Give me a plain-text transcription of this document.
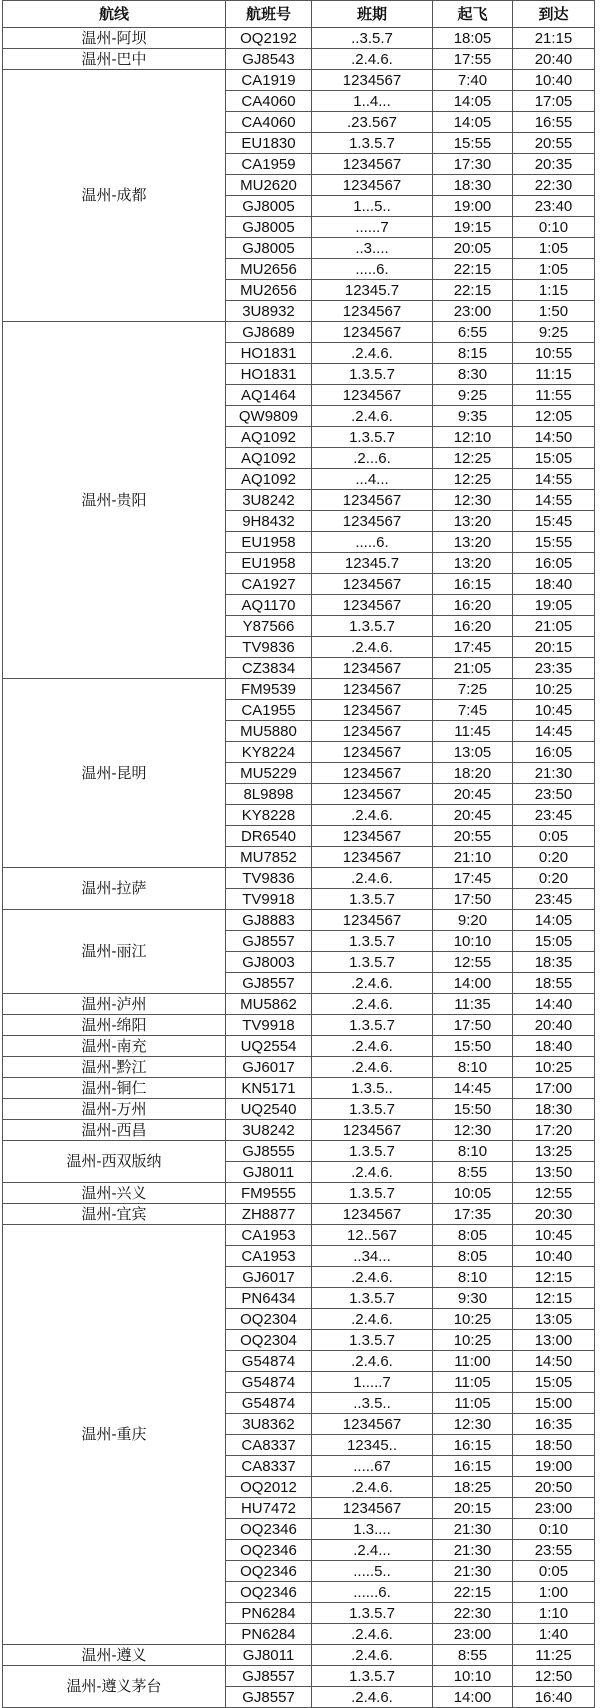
航线	航班号	班期	起飞	到达
温州-阿坝	OQ2192	..3.5.7	18:05	21:15
温州-巴中	GJ8543	.2.4.6.	17:55	20:40
温州-成都	CA1919	1234567	7:40	10:40
	CA4060	1..4...	14:05	17:05
	CA4060	.23.567	14:05	16:55
	EU1830	1.3.5.7	15:55	20:55
	CA1959	1234567	17:30	20:35
	MU2620	1234567	18:30	22:30
	GJ8005	1...5..	19:00	23:40
	GJ8005	......7	19:15	0:10
	GJ8005	..3....	20:05	1:05
	MU2656	.....6.	22:15	1:05
	MU2656	12345.7	22:15	1:15
	3U8932	1234567	23:00	1:50
温州-贵阳	GJ8689	1234567	6:55	9:25
	HO1831	.2.4.6.	8:15	10:55
	HO1831	1.3.5.7	8:30	11:15
	AQ1464	1234567	9:25	11:55
	QW9809	.2.4.6.	9:35	12:05
	AQ1092	1.3.5.7	12:10	14:50
	AQ1092	.2...6.	12:25	15:05
	AQ1092	...4...	12:25	14:55
	3U8242	1234567	12:30	14:55
	9H8432	1234567	13:20	15:45
	EU1958	.....6.	13:20	15:55
	EU1958	12345.7	13:20	16:05
	CA1927	1234567	16:15	18:40
	AQ1170	1234567	16:20	19:05
	Y87566	1.3.5.7	16:20	21:05
	TV9836	.2.4.6.	17:45	20:15
	CZ3834	1234567	21:05	23:35
温州-昆明	FM9539	1234567	7:25	10:25
	CA1955	1234567	7:45	10:45
	MU5880	1234567	11:45	14:45
	KY8224	1234567	13:05	16:05
	MU5229	1234567	18:20	21:30
	8L9898	1234567	20:45	23:50
	KY8228	.2.4.6.	20:45	23:45
	DR6540	1234567	20:55	0:05
	MU7852	1234567	21:10	0:20
温州-拉萨	TV9836	.2.4.6.	17:45	0:20
	TV9918	1.3.5.7	17:50	23:45
温州-丽江	GJ8883	1234567	9:20	14:05
	GJ8557	1.3.5.7	10:10	15:05
	GJ8003	1.3.5.7	12:55	18:35
	GJ8557	.2.4.6.	14:00	18:55
温州-泸州	MU5862	.2.4.6.	11:35	14:40
温州-绵阳	TV9918	1.3.5.7	17:50	20:40
温州-南充	UQ2554	.2.4.6.	15:50	18:40
温州-黔江	GJ6017	.2.4.6.	8:10	10:25
温州-铜仁	KN5171	1.3.5..	14:45	17:00
温州-万州	UQ2540	1.3.5.7	15:50	18:30
温州-西昌	3U8242	1234567	12:30	17:20
温州-西双版纳	GJ8555	1.3.5.7	8:10	13:25
	GJ8011	.2.4.6.	8:55	13:50
温州-兴义	FM9555	1.3.5.7	10:05	12:55
温州-宜宾	ZH8877	1234567	17:35	20:30
温州-重庆	CA1953	12..567	8:05	10:45
	CA1953	..34...	8:05	10:40
	GJ6017	.2.4.6.	8:10	12:15
	PN6434	1.3.5.7	9:30	12:15
	OQ2304	.2.4.6.	10:25	13:05
	OQ2304	1.3.5.7	10:25	13:00
	G54874	.2.4.6.	11:00	14:50
	G54874	1.....7	11:05	15:05
	G54874	..3.5..	11:05	15:00
	3U8362	1234567	12:30	16:35
	CA8337	12345..	16:15	18:50
	CA8337	.....67	16:15	19:00
	OQ2012	.2.4.6.	18:25	20:50
	HU7472	1234567	20:15	23:00
	OQ2346	1.3....	21:30	0:10
	OQ2346	.2.4...	21:30	23:55
	OQ2346	.....5..	21:30	0:05
	OQ2346	......6.	22:15	1:00
	PN6284	1.3.5.7	22:30	1:10
	PN6284	.2.4.6.	23:00	1:40
温州-遵义	GJ8011	.2.4.6.	8:55	11:25
温州-遵义茅台	GJ8557	1.3.5.7	10:10	12:50
	GJ8557	.2.4.6.	14:00	16:40
